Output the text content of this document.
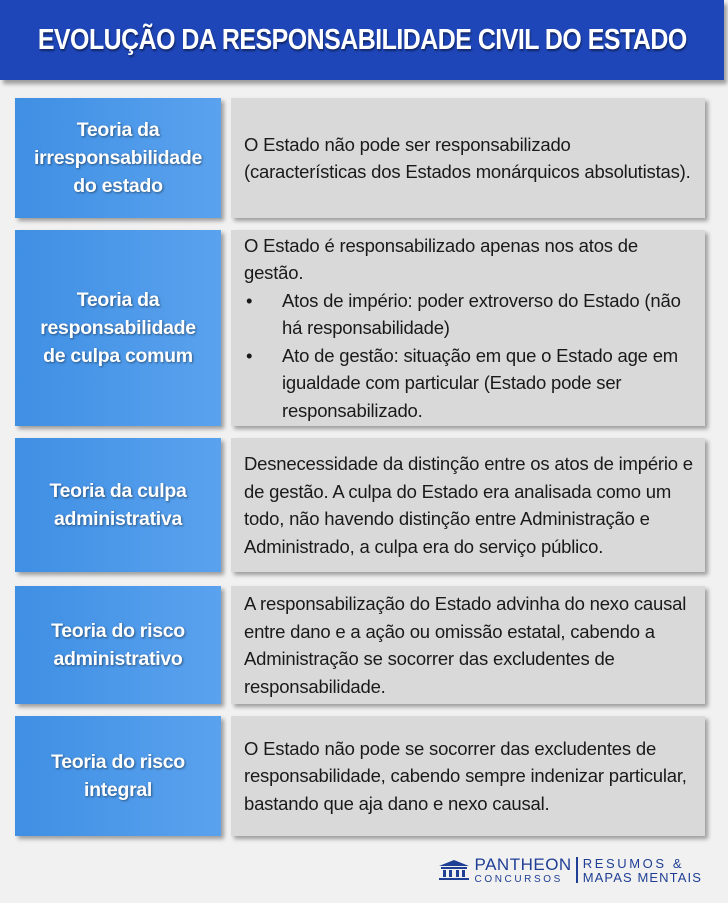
EVOLUÇÃO DA RESPONSABILIDADE CIVIL DO ESTADO
Teoria da irresponsabilidade do estado

O Estado não pode ser responsabilizado (características dos Estados monárquicos absolutistas).

Teoria da responsabilidade de culpa comum

O Estado é responsabilizado apenas nos atos de gestão.

•	Atos de império: poder extroverso do Estado (não há responsabilidade)
•	Ato de gestão: situação em que o Estado age em igualdade com particular (Estado pode ser responsabilizado.
Teoria da culpa administrativa

Desnecessidade da distinção entre os atos de império e de gestão. A culpa do Estado era analisada como um todo, não havendo distinção entre Administração e Administrado, a culpa era do serviço público.

Teoria do risco administrativo

A responsabilização do Estado advinha do nexo causal entre dano e a ação ou omissão estatal, cabendo a Administração se socorrer das excludentes de responsabilidade.

Teoria do risco integral

O Estado não pode se socorrer das excludentes de responsabilidade, cabendo sempre indenizar particular, bastando que aja dano e nexo causal.

PANTHEON
CONCURSOS
RESUMOS &
MAPAS MENTAIS
